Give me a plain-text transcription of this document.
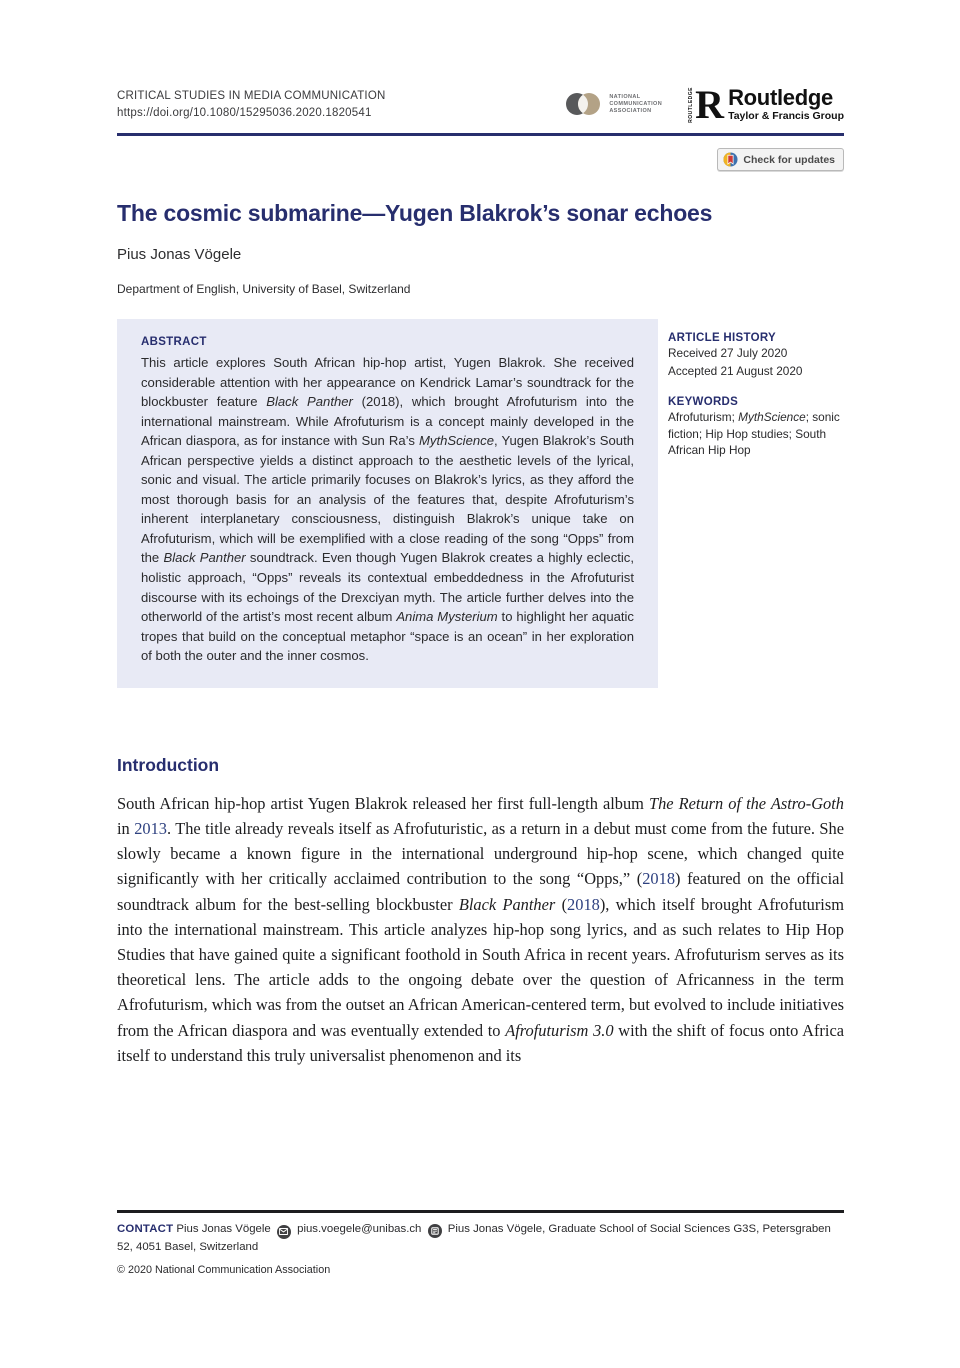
CRITICAL STUDIES IN MEDIA COMMUNICATION
https://doi.org/10.1080/15295036.2020.1820541
NATIONAL
COMMUNICATION
ASSOCIATION	ROUTLEDGE R Routledge
Taylor & Francis Group
Check for updates
The cosmic submarine—Yugen Blakrok’s sonar echoes
Pius Jonas Vögele
Department of English, University of Basel, Switzerland
ABSTRACT
This article explores South African hip-hop artist, Yugen Blakrok. She received considerable attention with her appearance on Kendrick Lamar’s soundtrack for the blockbuster feature Black Panther (2018), which brought Afrofuturism into the international mainstream. While Afrofuturism is a concept mainly developed in the African diaspora, as for instance with Sun Ra’s MythScience, Yugen Blakrok’s South African perspective yields a distinct approach to the aesthetic levels of the lyrical, sonic and visual. The article primarily focuses on Blakrok’s lyrics, as they afford the most thorough basis for an analysis of the features that, despite Afrofuturism’s inherent interplanetary consciousness, distinguish Blakrok’s unique take on Afrofuturism, which will be exemplified with a close reading of the song “Opps” from the Black Panther soundtrack. Even though Yugen Blakrok creates a highly eclectic, holistic approach, “Opps” reveals its contextual embeddedness in the Afrofuturist discourse with its echoings of the Drexciyan myth. The article further delves into the otherworld of the artist’s most recent album Anima Mysterium to highlight her aquatic tropes that build on the conceptual metaphor “space is an ocean” in her exploration of both the outer and the inner cosmos.
ARTICLE HISTORY
Received 27 July 2020
Accepted 21 August 2020
KEYWORDS
Afrofuturism; MythScience; sonic fiction; Hip Hop studies; South African Hip Hop
Introduction

South African hip-hop artist Yugen Blakrok released her first full-length album The Return of the Astro-Goth in 2013. The title already reveals itself as Afrofuturistic, as a return in a debut must come from the future. She slowly became a known figure in the international underground hip-hop scene, which changed quite significantly with her critically acclaimed contribution to the song “Opps,” (2018) featured on the official soundtrack album for the best-selling blockbuster Black Panther (2018), which itself brought Afrofuturism into the international mainstream. This article analyzes hip-hop song lyrics, and as such relates to Hip Hop Studies that have gained quite a significant foothold in South Africa in recent years. Afrofuturism serves as its theoretical lens. The article adds to the ongoing debate over the question of Africanness in the term Afrofuturism, which was from the outset an African American-centered term, but evolved to include initiatives from the African diaspora and was eventually extended to Afrofuturism 3.0 with the shift of focus onto Africa itself to understand this truly universalist phenomenon and its

CONTACT Pius Jonas Vögele pius.voegele@unibas.ch Pius Jonas Vögele, Graduate School of Social Sciences G3S, Petersgraben 52, 4051 Basel, Switzerland
© 2020 National Communication Association
